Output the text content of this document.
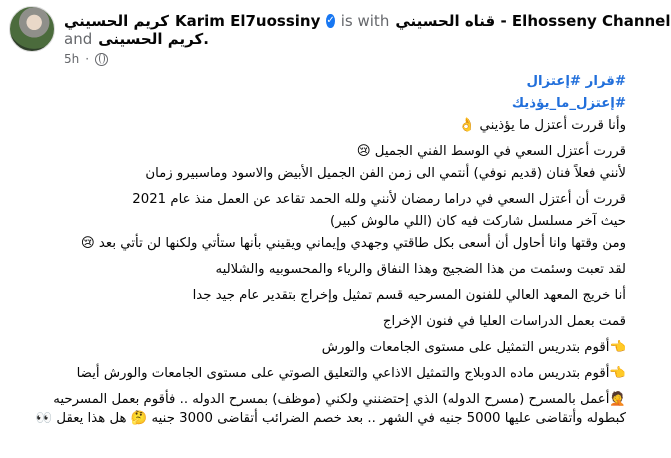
كريم الحسيني Karim El7uossiny ✓ is with قناه الحسيني - Elhosseny Channel
and كريم الحسينى.
5h ·

#قرار #إعتزال

#إعتزل_ما_يؤذيك

وأنا قررت أعتزل ما يؤذيني 👌

قررت أعتزل السعي في الوسط الفني الجميل 😢

لأنني فعلاً فنان (قديم نوفي) أنتمي الى زمن الفن الجميل الأبيض والاسود وماسبيرو زمان

قررت أن أعتزل السعي في دراما رمضان لأنني ولله الحمد تقاعد عن العمل منذ عام 2021

حيث آخر مسلسل شاركت فيه كان (اللي مالوش كبير)

ومن وقتها وانا أحاول أن أسعى بكل طاقتي وجهدي وإيماني ويقيني بأنها ستأتي ولكنها لن تأتي بعد 😢

لقد تعبت وسئمت من هذا الضجيج وهذا النفاق والرياء والمحسوبيه والشلاليه

أنا خريج المعهد العالي للفنون المسرحيه قسم تمثيل وإخراج بتقدير عام جيد جدا

قمت بعمل الدراسات العليا في فنون الإخراج

👈أقوم بتدريس التمثيل على مستوى الجامعات والورش

👈أقوم بتدريس ماده الدوبلاج والتمثيل الاذاعي والتعليق الصوتي على مستوى الجامعات والورش أيضا

🤦أعمل بالمسرح (مسرح الدوله) الذي إحتضنني ولكني (موظف) بمسرح الدوله .. فأقوم بعمل المسرحيه كبطوله وأتقاضى عليها 5000 جنيه في الشهر .. بعد خصم الضرائب أتقاضى 3000 جنيه 🤔 هل هذا يعقل 👀
